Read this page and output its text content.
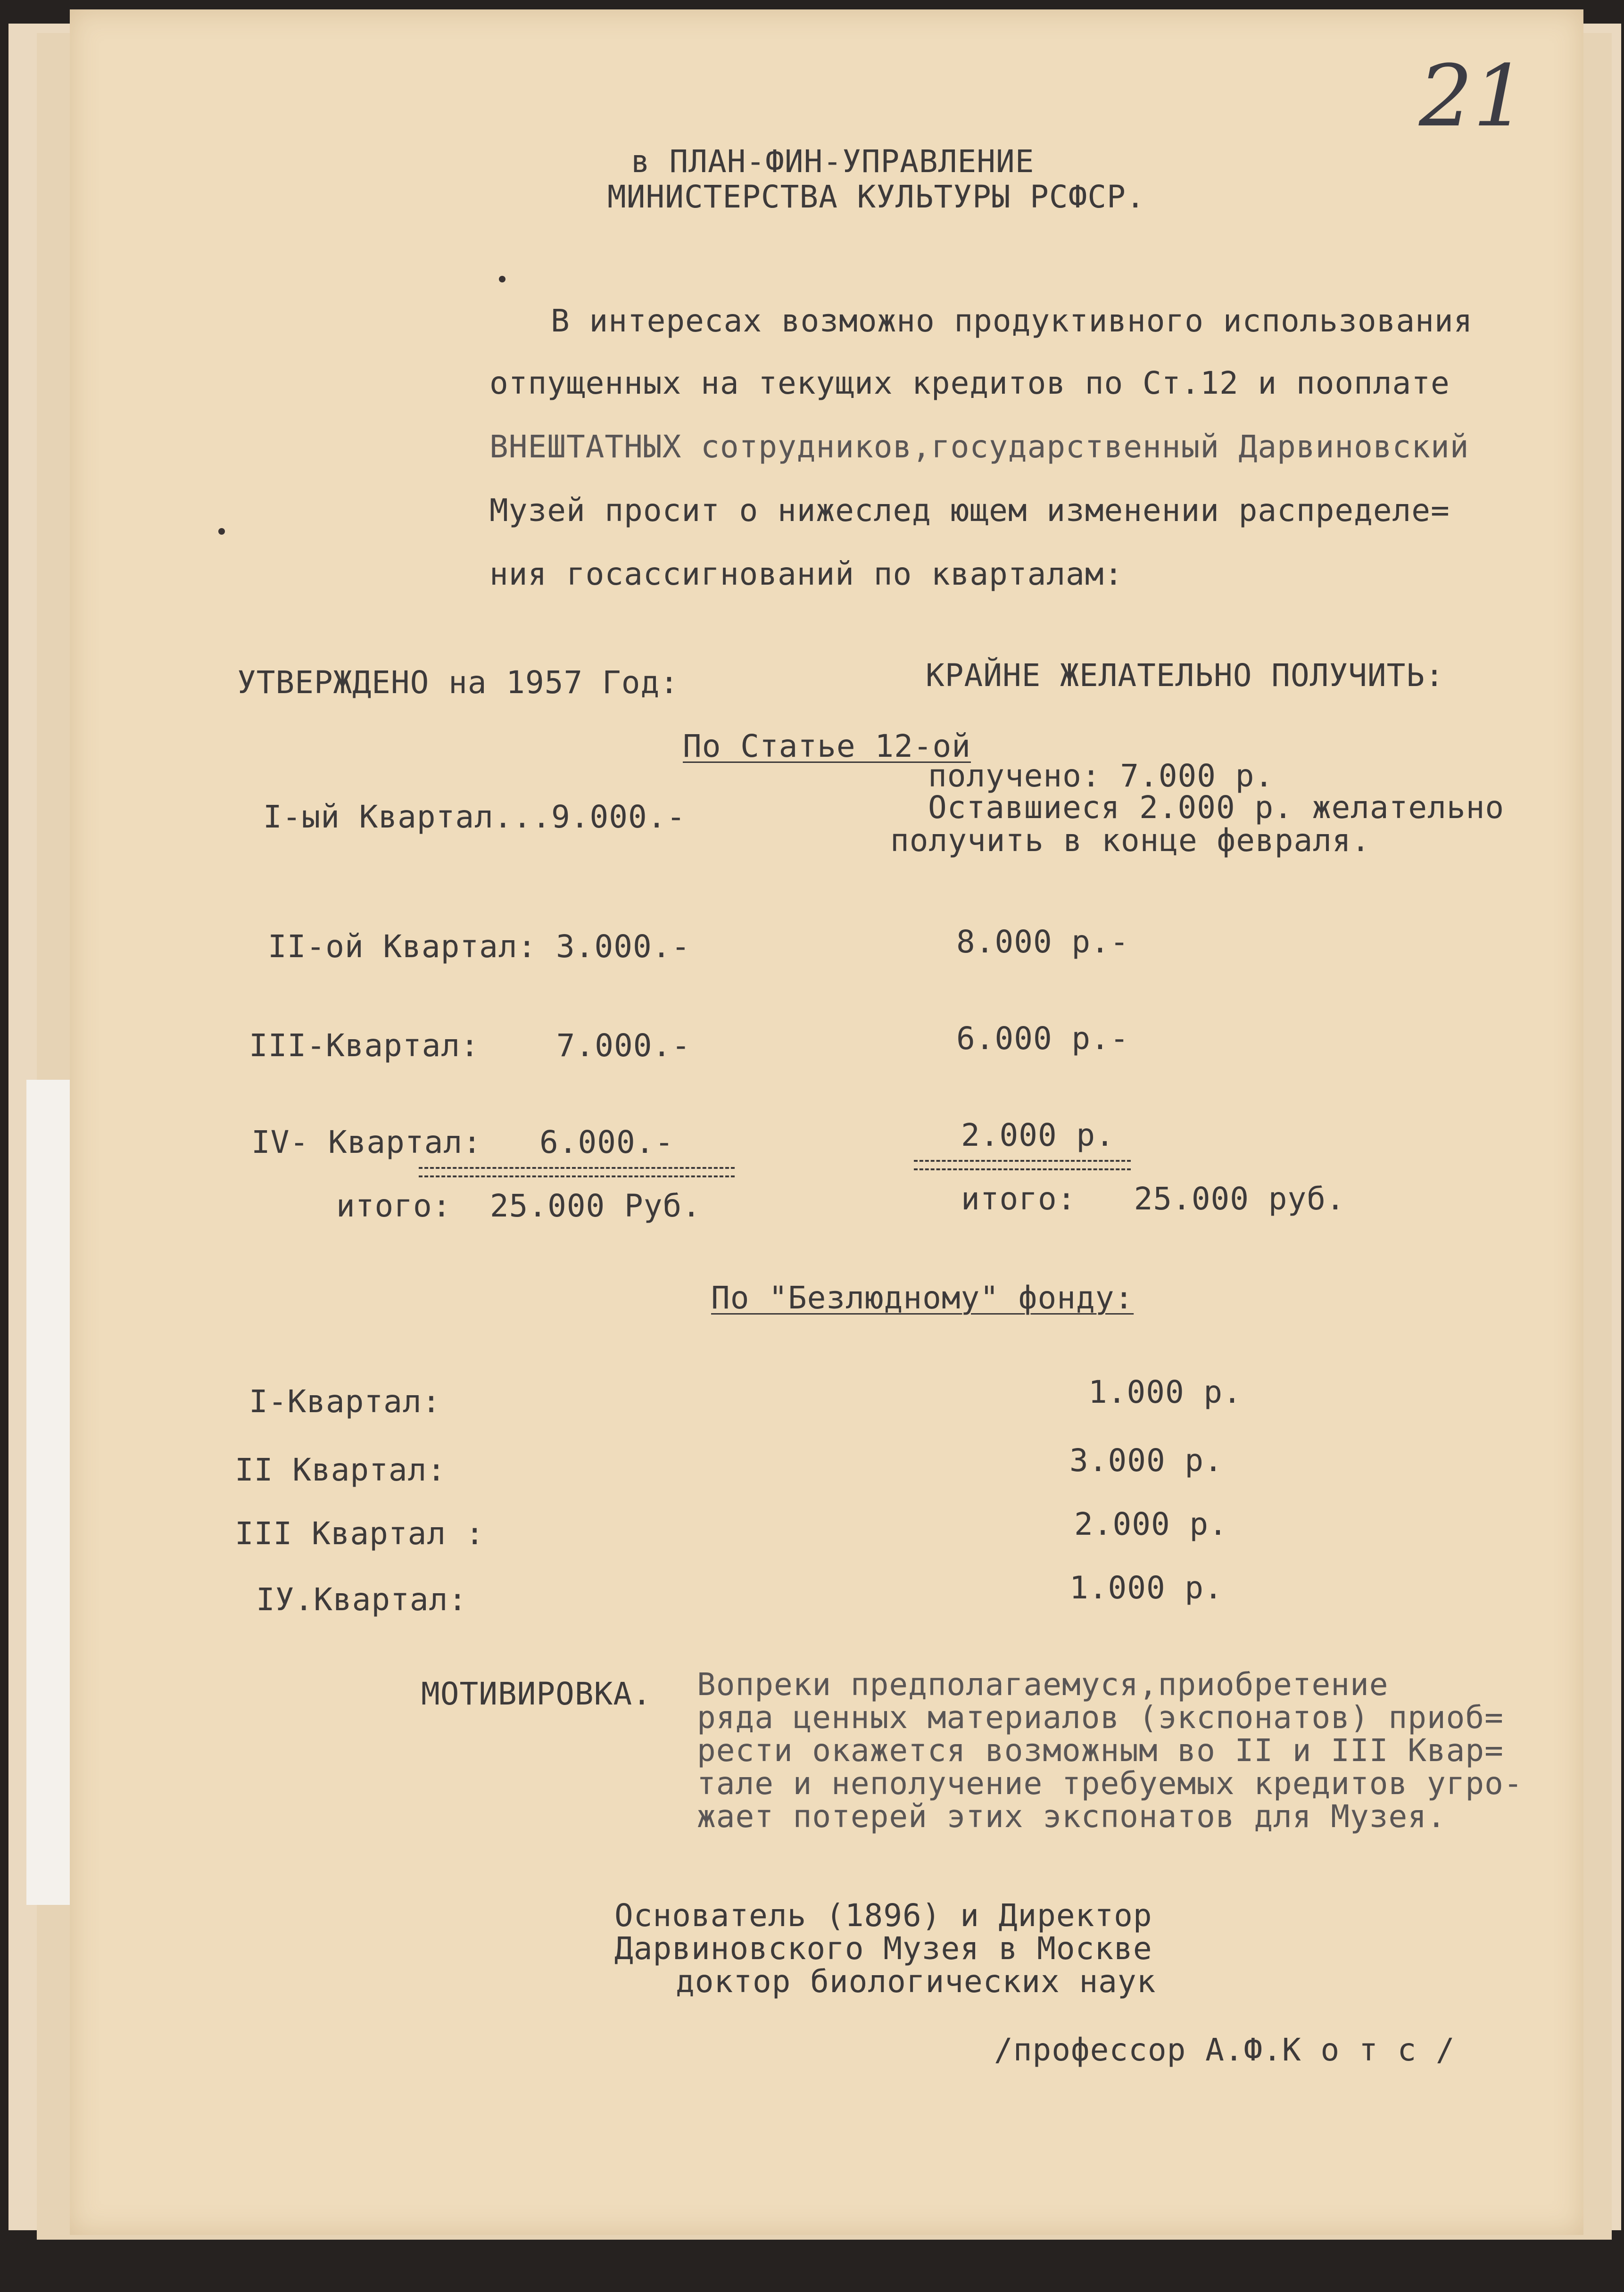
21
в ПЛАН-ФИН-УПРАВЛЕНИЕ
МИНИСТЕРСТВА КУЛЬТУРЫ РСФСР.
В интересах возможно продуктивного использования
отпущенных на текущих кредитов по Ст.12 и пооплате
ВНЕШТАТНЫХ сотрудников,государственный Дарвиновский
Музей просит о нижеслед ющем изменении распределе=
ния госассигнований по кварталам:
УТВЕРЖДЕНО на 1957 Год:	КРАЙНЕ ЖЕЛАТЕЛЬНО ПОЛУЧИТЬ:
По Статье 12-ой
I-ый Квартал...9.000.-
получено: 7.000 р.
Оставшиеся 2.000 р. желательно
получить в конце февраля.
II-ой Квартал: 3.000.-	8.000 р.-
III-Квартал:    7.000.-	6.000 р.-
IV- Квартал:   6.000.-	2.000 р.
итого:  25.000 Руб.	итого:   25.000 руб.
По "Безлюдному" фонду:
I-Квартал:	1.000 р.
II Квартал:	3.000 р.
III Квартал :	2.000 р.
IУ.Квартал:	1.000 р.
МОТИВИРОВКА. Вопреки предполагаемуся,приобретение
ряда ценных материалов (экспонатов) приоб=
рести окажется возможным во II и III Квар=
тале и неполучение требуемых кредитов угро-
жает потерей этих экспонатов для Музея.
Основатель (1896) и Директор
Дарвиновского Музея в Москве
доктор биологических наук
/профессор А.Ф.К о т с /
